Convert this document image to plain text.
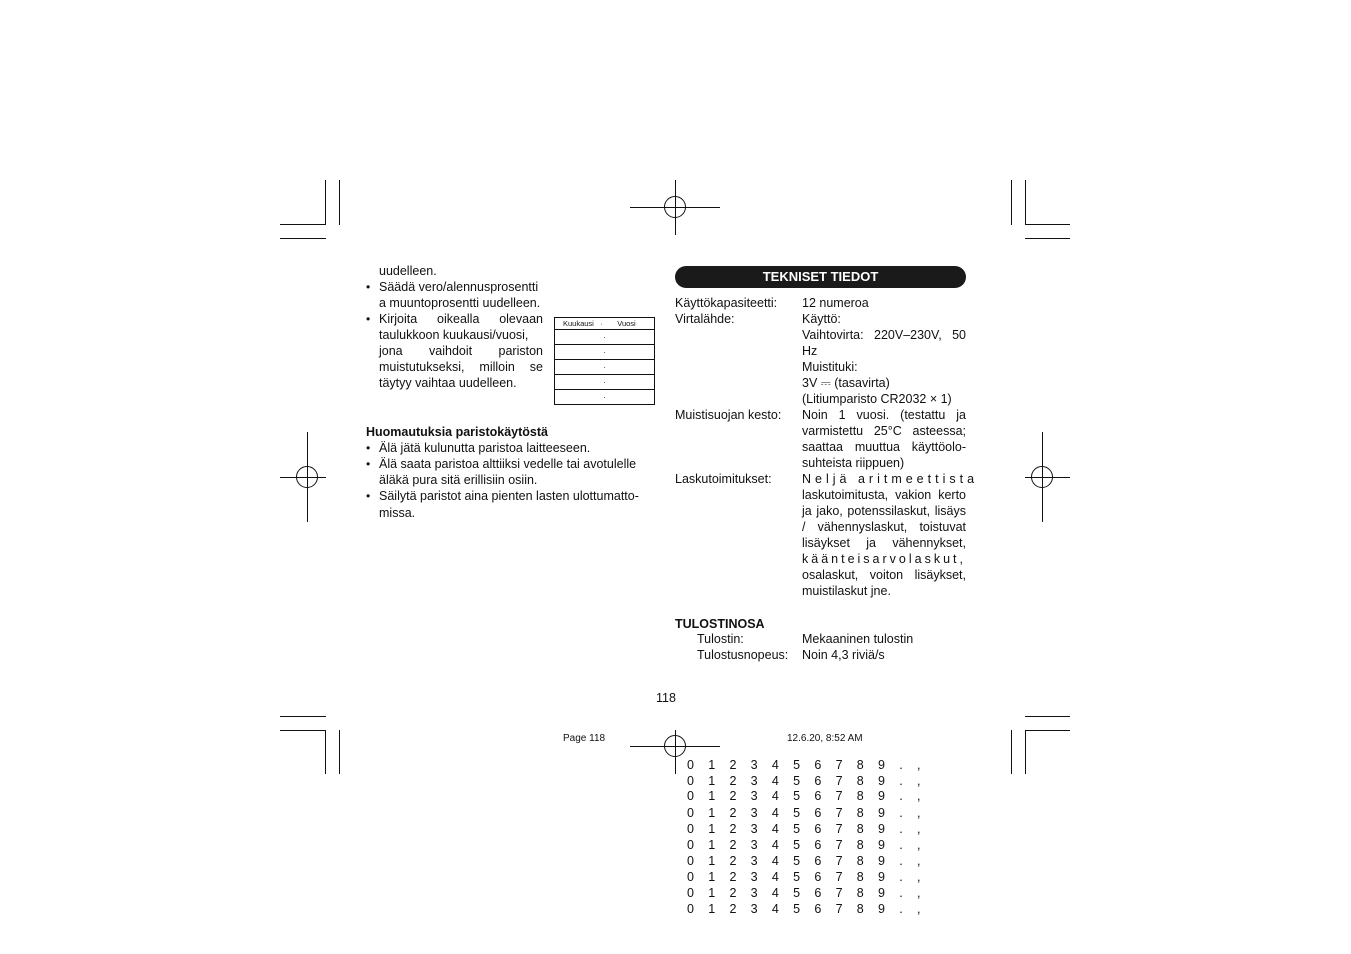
uudelleen.
• Säädä vero/alennusprosentti
a muuntoprosentti uudelleen.
• Kirjoita oikealla olevaan
taulukkoon kuukausi/vuosi,
jona vaihdoit pariston
muistutukseksi, milloin se
täytyy vaihtaa uudelleen.
Kuukausi · Vuosi
·
·
·
·
·
Huomautuksia paristokäytöstä
• Älä jätä kulunutta paristoa laitteeseen.
• Älä saata paristoa alttiiksi vedelle tai avotulelle
äläkä pura sitä erillisiin osiin.
• Säilytä paristot aina pienten lasten ulottumatto-
missa.
TEKNISET TIEDOT
Käyttökapasiteetti: 12 numeroa
Virtalähde:	Käyttö:
Vaihtovirta: 220V–230V, 50
Hz
Muistituki:
3V ⎓ (tasavirta)
(Litiumparisto CR2032 × 1)
Muistisuojan kesto: Noin 1 vuosi. (testattu ja
varmistettu 25°C asteessa;
saattaa muuttua käyttöolo-
suhteista riippuen)
Laskutoimitukset: Neljä aritmeettista
laskutoimitusta, vakion kerto
ja jako, potenssilaskut, lisäys
/ vähennyslaskut, toistuvat
lisäykset ja vähennykset,
käänteisarvolaskut,
osalaskut, voiton lisäykset,
muistilaskut jne.
TULOSTINOSA
Tulostin:	Mekaaninen tulostin
Tulostusnopeus: Noin 4,3 riviä/s
118
Page 118	12.6.20, 8:52 AM
0 1 2 3 4 5 6 7 8 9 . ,
0 1 2 3 4 5 6 7 8 9 . ,
0 1 2 3 4 5 6 7 8 9 . ,
0 1 2 3 4 5 6 7 8 9 . ,
0 1 2 3 4 5 6 7 8 9 . ,
0 1 2 3 4 5 6 7 8 9 . ,
0 1 2 3 4 5 6 7 8 9 . ,
0 1 2 3 4 5 6 7 8 9 . ,
0 1 2 3 4 5 6 7 8 9 . ,
0 1 2 3 4 5 6 7 8 9 . ,
